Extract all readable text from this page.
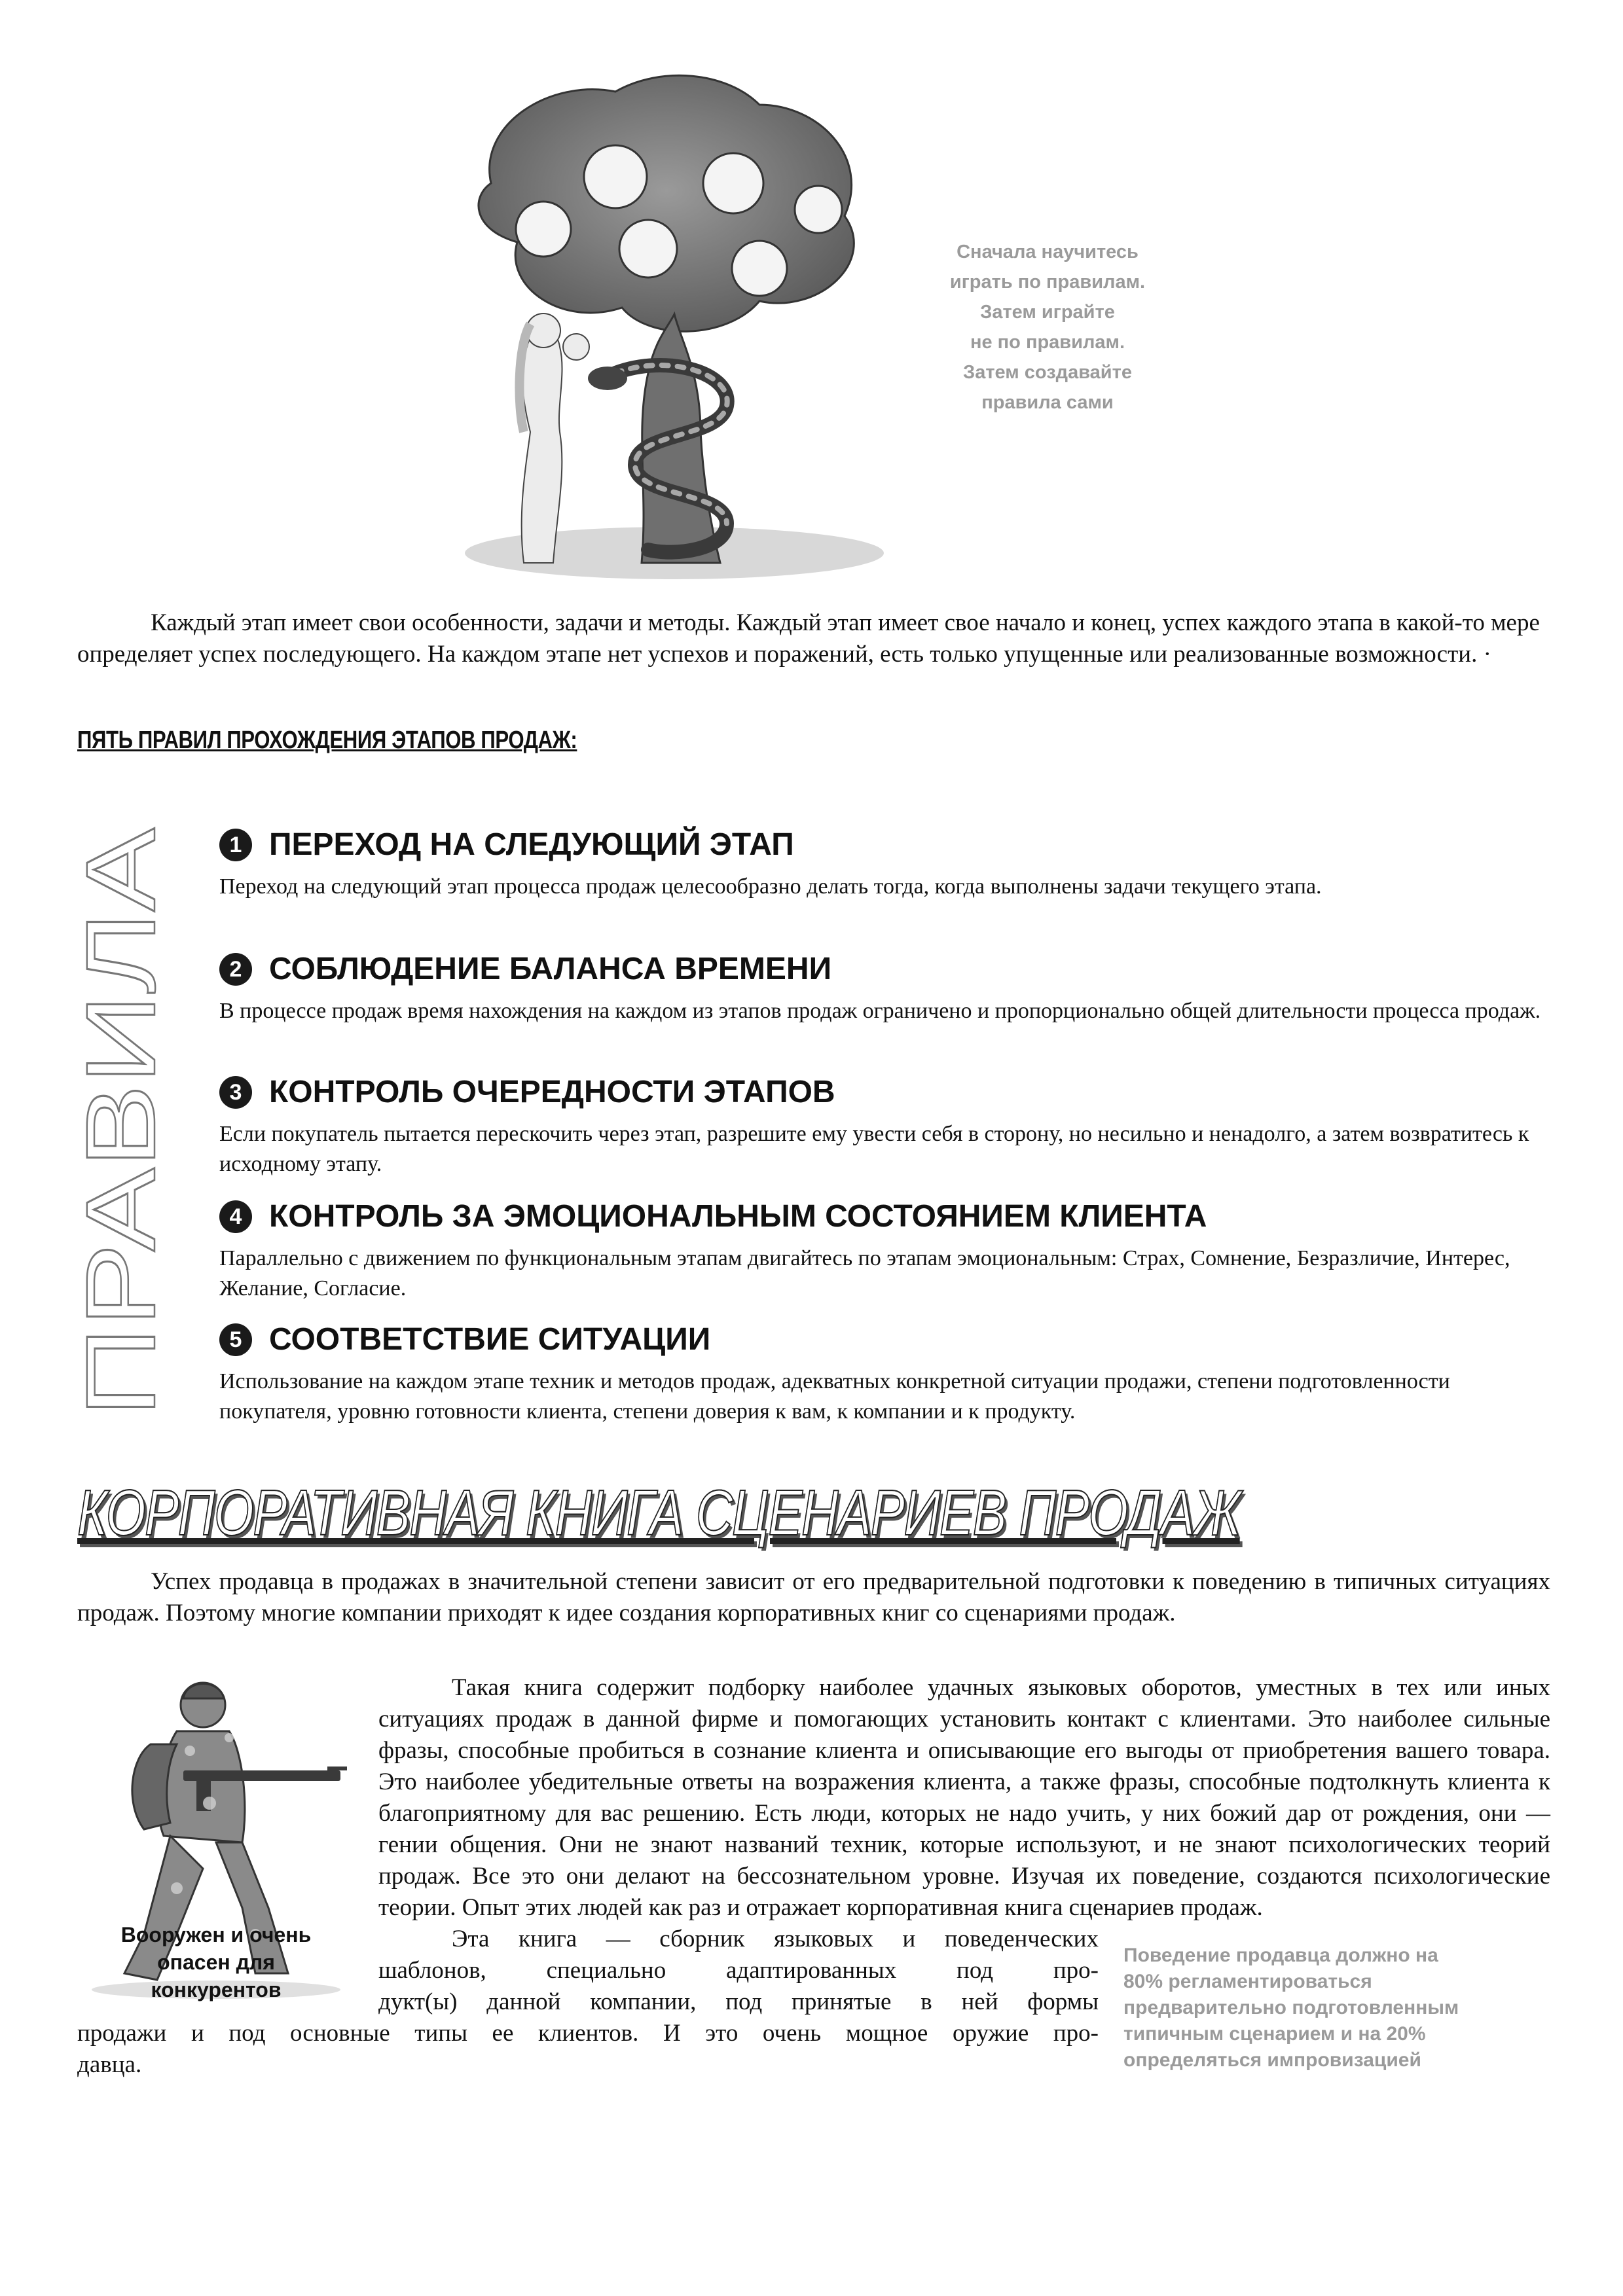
Сначала научитесь
играть по правилам.
Затем играйте
не по правилам.
Затем создавайте
правила сами
Каждый этап имеет свои особенности, задачи и методы. Каждый этап имеет свое начало и конец, успех каждого этапа в какой-то мере определяет успех последующего. На каждом этапе нет успехов и поражений, есть только упущенные или реализованные возможности. ·
ПЯТЬ ПРАВИЛ ПРОХОЖДЕНИЯ ЭТАПОВ ПРОДАЖ:
ПРАВИЛА
1 ПЕРЕХОД НА СЛЕДУЮЩИЙ ЭТАП
Переход на следующий этап процесса продаж целесообразно делать тогда, когда выполнены задачи текущего этапа.
2 СОБЛЮДЕНИЕ БАЛАНСА ВРЕМЕНИ
В процессе продаж время нахождения на каждом из этапов продаж ограничено и пропорционально общей длительности процесса продаж.
3 КОНТРОЛЬ ОЧЕРЕДНОСТИ ЭТАПОВ
Если покупатель пытается перескочить через этап, разрешите ему увести себя в сторону, но несильно и ненадолго, а затем возвратитесь к исходному этапу.
4 КОНТРОЛЬ ЗА ЭМОЦИОНАЛЬНЫМ СОСТОЯНИЕМ КЛИЕНТА
Параллельно с движением по функциональным этапам двигайтесь по этапам эмоциональным: Страх, Сомнение, Безразличие, Интерес, Желание, Согласие.
5 СООТВЕТСТВИЕ СИТУАЦИИ
Использование на каждом этапе техник и методов продаж, адекватных конкретной ситуации продажи, степени подготовленности покупателя, уровню готовности клиента, степени доверия к вам, к компании и к продукту.
КОРПОРАТИВНАЯ КНИГА СЦЕНАРИЕВ ПРОДАЖ
Успех продавца в продажах в значительной степени зависит от его предварительной подготовки к поведению в типичных ситуациях продаж. Поэтому многие компании приходят к идее создания корпоративных книг со сценариями продаж.
Вооружен и очень
опасен для
конкурентов
Такая книга содержит подборку наиболее удачных языковых оборотов, уместных в тех или иных ситуациях продаж в данной фирме и помогающих установить контакт с клиентами. Это наиболее сильные фразы, способные пробиться в сознание клиента и описывающие его выгоды от приобретения вашего товара. Это наиболее убедительные ответы на возражения клиента, а также фразы, способные подтолкнуть клиента к благоприятному для вас решению. Есть люди, которых не надо учить, у них божий дар от рождения, они — гении общения. Они не знают названий техник, которые используют, и не знают психологических теорий продаж. Все это они делают на бессознательном уровне. Изучая их поведение, создаются психологические теории. Опыт этих людей как раз и отражает корпоративная книга сценариев продаж.
Эта книга — сборник языковых и поведенческих
шаблонов, специально адаптированных под про-
дукт(ы) данной компании, под принятые в ней формы
продажи и под основные типы ее клиентов. И это очень мощное оружие про-
давца.
Поведение продавца должно на
80% регламентироваться
предварительно подготовленным
типичным сценарием и на 20%
определяться импровизацией
